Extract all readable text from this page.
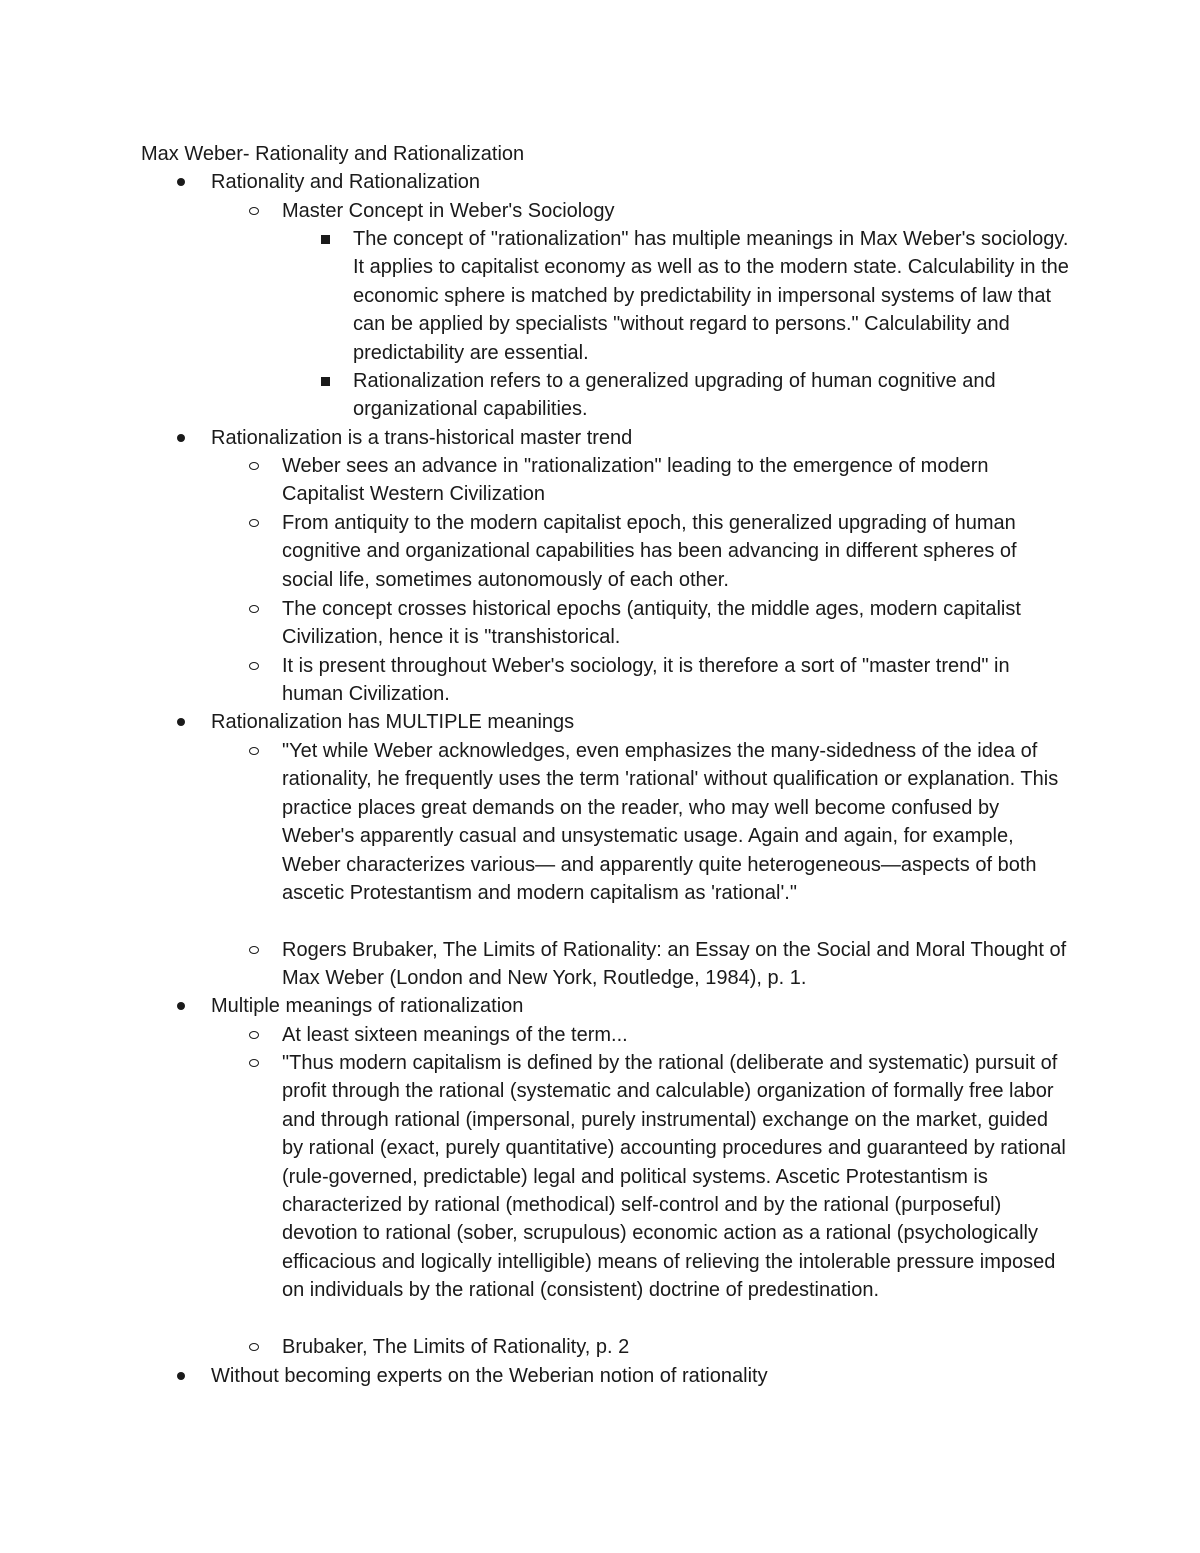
Max Weber- Rationality and Rationalization
Rationality and Rationalization
Master Concept in Weber's Sociology
The concept of "rationalization" has multiple meanings in Max Weber's sociology. It applies to capitalist economy as well as to the modern state. Calculability in the economic sphere is matched by predictability in impersonal systems of law that can be applied by specialists "without regard to persons." Calculability and predictability are essential.
Rationalization refers to a generalized upgrading of human cognitive and organizational capabilities.
Rationalization is a trans-historical master trend
Weber sees an advance in "rationalization" leading to the emergence of modern Capitalist Western Civilization
From antiquity to the modern capitalist epoch, this generalized upgrading of human cognitive and organizational capabilities has been advancing in different spheres of social life, sometimes autonomously of each other.
The concept crosses historical epochs (antiquity, the middle ages, modern capitalist Civilization, hence it is "transhistorical.
It is present throughout Weber's sociology, it is therefore a sort of "master trend" in human Civilization.
Rationalization has MULTIPLE meanings
"Yet while Weber acknowledges, even emphasizes the many-sidedness of the idea of rationality, he frequently uses the term 'rational' without qualification or explanation. This practice places great demands on the reader, who may well become confused by Weber's apparently casual and unsystematic usage. Again and again, for example, Weber characterizes various— and apparently quite heterogeneous—aspects of both ascetic Protestantism and modern capitalism as 'rational'."
Rogers Brubaker, The Limits of Rationality: an Essay on the Social and Moral Thought of Max Weber (London and New York, Routledge, 1984), p. 1.
Multiple meanings of rationalization
At least sixteen meanings of the term...
"Thus modern capitalism is defined by the rational (deliberate and systematic) pursuit of profit through the rational (systematic and calculable) organization of formally free labor and through rational (impersonal, purely instrumental) exchange on the market, guided by rational (exact, purely quantitative) accounting procedures and guaranteed by rational (rule-governed, predictable) legal and political systems. Ascetic Protestantism is characterized by rational (methodical) self-control and by the rational (purposeful) devotion to rational (sober, scrupulous) economic action as a rational (psychologically efficacious and logically intelligible) means of relieving the intolerable pressure imposed on individuals by the rational (consistent) doctrine of predestination.
Brubaker, The Limits of Rationality, p. 2
Without becoming experts on the Weberian notion of rationality
